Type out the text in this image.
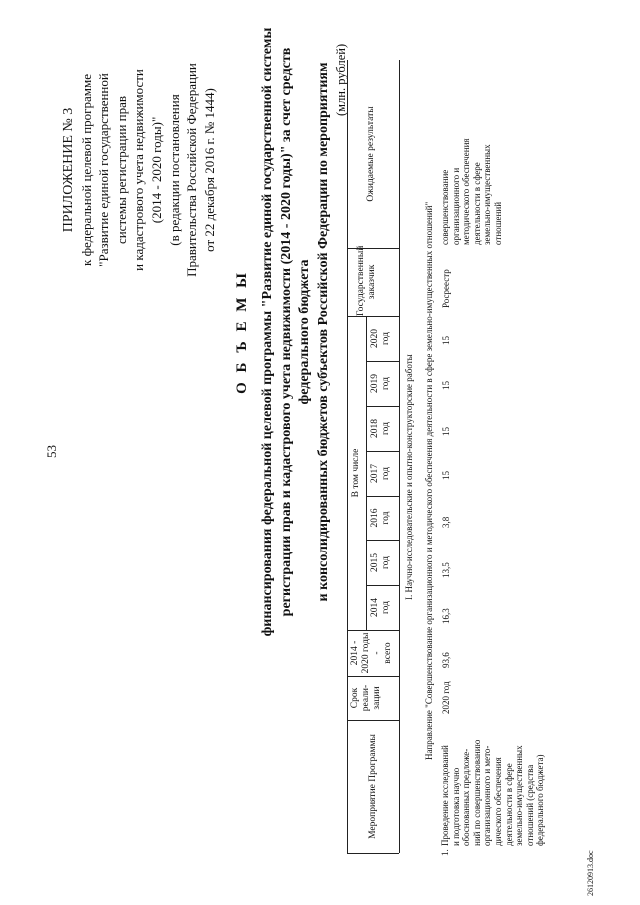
53
ПРИЛОЖЕНИЕ № 3 к федеральной целевой программе "Развитие единой государственной системы регистрации прав и кадастрового учета недвижимости (2014 - 2020 годы)" (в редакции постановления Правительства Российской Федерации от 22 декабря 2016 г. № 1444)
О Б Ъ Е М Ы финансирования федеральной целевой программы "Развитие единой государственной системы регистрации прав и кадастрового учета недвижимости (2014 - 2020 годы)" за счет средств федерального бюджета и консолидированных бюджетов субъектов Российской Федерации по мероприятиям (млн. рублей)
Мероприятие Программы
Срок реали- зации
2014 - 2020 годы - всего
В том числе
2014 год
2015 год
2016 год
2017 год
2018 год
2019 год
2020 год
Государственный заказчик
Ожидаемые результаты
I. Научно-исследовательские и опытно-конструкторские работы Направление "Совершенствование организационного и методического обеспечения деятельности в сфере земельно-имущественных отношений"
1.
Проведение исследований и подготовка научно обоснованных предложе- ний по совершенствованию организационного и мето- дического обеспечения деятельности в сфере земельно-имущественных отношений (средства федерального бюджета)
2020 год
93,6
16,3
13,5
3,8
15
15
15
15
Росреестр
совершенствование организационного и методического обеспечения деятельности в сфере земельно-имущественных отношений
26120913.doc
